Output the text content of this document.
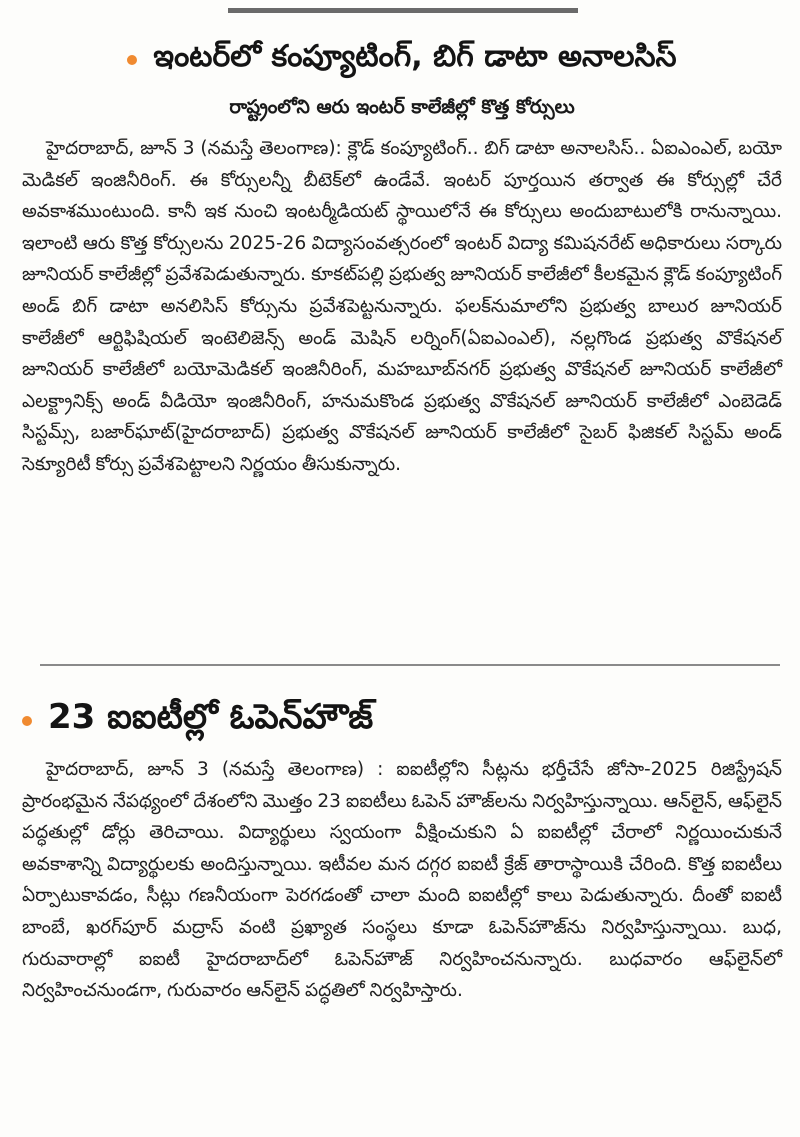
ఇంటర్‌లో కంప్యూటింగ్‌, బిగ్‌ డాటా అనాలసిస్‌
రాష్ట్రంలోని ఆరు ఇంటర్‌ కాలేజీల్లో కొత్త కోర్సులు

హైదరాబాద్‌, జూన్‌ 3 (నమస్తే తెలంగాణ): క్లౌడ్‌ కంప్యూటింగ్‌.. బిగ్‌ డాటా అనాలసిస్‌.. ఏఐఎంఎల్‌, బయో మెడికల్‌ ఇంజినీరింగ్‌. ఈ కోర్సులన్నీ బీటెక్‌లో ఉండేవే. ఇంటర్‌ పూర్తయిన తర్వాత ఈ కోర్సుల్లో చేరే అవకాశముంటుంది. కానీ ఇక నుంచి ఇంటర్మీడియట్‌ స్థాయిలోనే ఈ కోర్సులు అందుబాటులోకి రానున్నాయి. ఇలాంటి ఆరు కొత్త కోర్సులను 2025-26 విద్యాసంవత్సరంలో ఇంటర్‌ విద్యా కమిషనరేట్‌ అధికారులు సర్కారు జూనియర్‌ కాలేజీల్లో ప్రవేశపెడుతున్నారు. కూకట్‌పల్లి ప్రభుత్వ జూనియర్‌ కాలేజీలో కీలకమైన క్లౌడ్‌ కంప్యూటింగ్‌ అండ్‌ బిగ్‌ డాటా అనలిసిస్‌ కోర్సును ప్రవేశపెట్టనున్నారు. ఫలక్‌నుమాలోని ప్రభుత్వ బాలుర జూనియర్‌ కాలేజీలో ఆర్టిఫిషియల్‌ ఇంటెలిజెన్స్‌ అండ్‌ మెషిన్‌ లర్నింగ్‌(ఏఐఎంఎల్‌), నల్లగొండ ప్రభుత్వ వొకేషనల్‌ జూనియర్‌ కాలేజీలో బయోమెడికల్‌ ఇంజినీరింగ్‌, మహబూబ్‌నగర్‌ ప్రభుత్వ వొకేషనల్‌ జూనియర్‌ కాలేజీలో ఎలక్ట్రానిక్స్‌ అండ్‌ వీడియో ఇంజినీరింగ్‌, హనుమకొండ ప్రభుత్వ వొకేషనల్‌ జూనియర్‌ కాలేజీలో ఎంబెడెడ్‌ సిస్టమ్స్‌, బజార్‌ఘాట్‌(హైదరాబాద్‌) ప్రభుత్వ వొకేషనల్‌ జూనియర్‌ కాలేజీలో సైబర్‌ ఫిజికల్‌ సిస్టమ్‌ అండ్‌ సెక్యూరిటీ కోర్సు ప్రవేశపెట్టాలని నిర్ణయం తీసుకున్నారు.

23 ఐఐటీల్లో ఓపెన్‌హౌజ్‌

హైదరాబాద్‌, జూన్‌ 3 (నమస్తే తెలంగాణ) : ఐఐటీల్లోని సీట్లను భర్తీచేసే జోసా-2025 రిజిస్ట్రేషన్‌ ప్రారంభమైన నేపథ్యంలో దేశంలోని మొత్తం 23 ఐఐటీలు ఓపెన్‌ హౌజ్‌లను నిర్వహిస్తున్నాయి. ఆన్‌లైన్‌, ఆఫ్‌లైన్‌ పద్ధతుల్లో డోర్లు తెరిచాయి. విద్యార్థులు స్వయంగా వీక్షించుకుని ఏ ఐఐటీల్లో చేరాలో నిర్ణయించుకునే అవకాశాన్ని విద్యార్థులకు అందిస్తున్నాయి. ఇటీవల మన దగ్గర ఐఐటీ క్రేజ్‌ తారాస్థాయికి చేరింది. కొత్త ఐఐటీలు ఏర్పాటుకావడం, సీట్లు గణనీయంగా పెరగడంతో చాలా మంది ఐఐటీల్లో కాలు పెడుతున్నారు. దీంతో ఐఐటీ బాంబే, ఖరగ్‌పూర్‌ మద్రాస్‌ వంటి ప్రఖ్యాత సంస్థలు కూడా ఓపెన్‌హౌజ్‌ను నిర్వహిస్తున్నాయి. బుధ, గురువారాల్లో ఐఐటీ హైదరాబాద్‌లో ఓపెన్‌హౌజ్‌ నిర్వహించనున్నారు. బుధవారం ఆఫ్‌లైన్‌లో నిర్వహించనుండగా, గురువారం ఆన్‌లైన్‌ పద్ధతిలో నిర్వహిస్తారు.
